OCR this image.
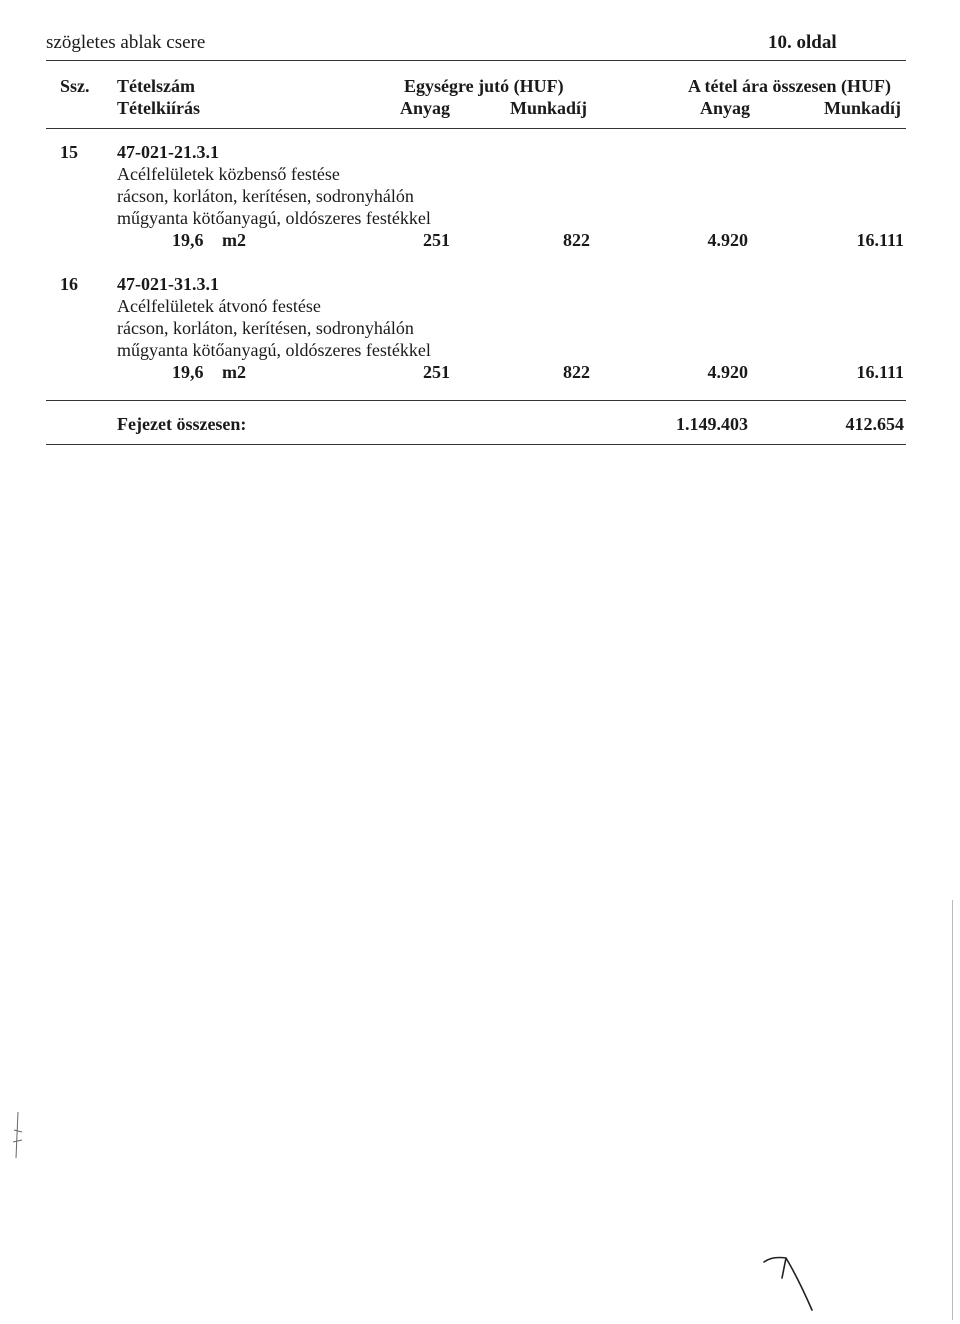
szögletes ablak csere	10. oldal
Ssz. Tételszám
Tételkiírás
Egységre jutó (HUF)
Anyag	Munkadíj
A tétel ára összesen (HUF)
Anyag	Munkadíj
15 47-021-21.3.1
Acélfelületek közbenső festése
rácson, korláton, kerítésen, sodronyhálón
műgyanta kötőanyagú, oldószeres festékkel
19,6 m2	251	822	4.920	16.111
16 47-021-31.3.1
Acélfelületek átvonó festése
rácson, korláton, kerítésen, sodronyhálón
műgyanta kötőanyagú, oldószeres festékkel
19,6 m2	251	822	4.920	16.111
Fejezet összesen:	1.149.403	412.654
